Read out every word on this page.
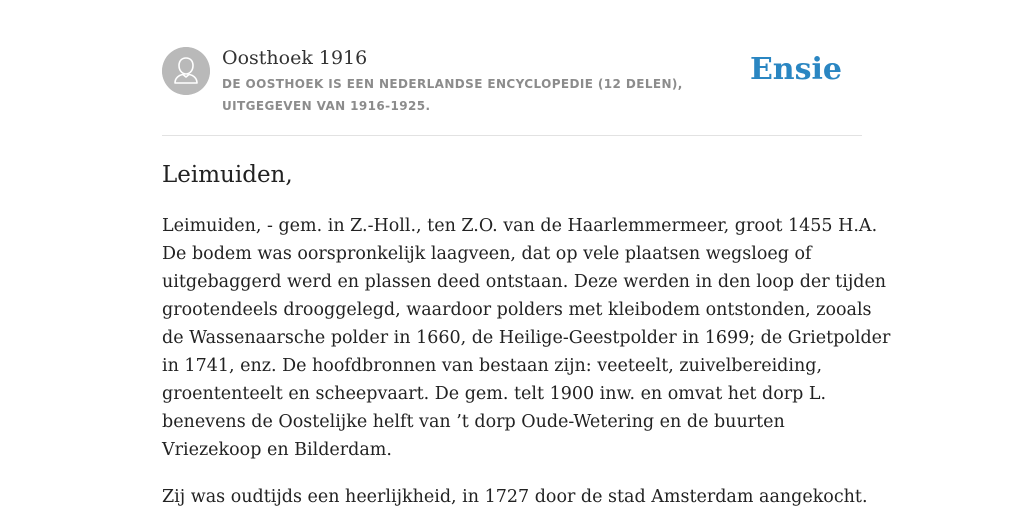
Oosthoek 1916
DE OOSTHOEK IS EEN NEDERLANDSE ENCYCLOPEDIE (12 DELEN), UITGEGEVEN VAN 1916-1925.
Ensie
Leimuiden,

Leimuiden, - gem. in Z.-Holl., ten Z.O. van de Haarlemmermeer, groot 1455 H.A.
De bodem was oorspronkelijk laagveen, dat op vele plaatsen wegsloeg of
uitgebaggerd werd en plassen deed ontstaan. Deze werden in den loop der tijden
grootendeels drooggelegd, waardoor polders met kleibodem ontstonden, zooals
de Wassenaarsche polder in 1660, de Heilige-Geestpolder in 1699; de Grietpolder
in 1741, enz. De hoofdbronnen van bestaan zijn: veeteelt, zuivelbereiding,
groententeelt en scheepvaart. De gem. telt 1900 inw. en omvat het dorp L.
benevens de Oostelijke helft van ’t dorp Oude-Wetering en de buurten
Vriezekoop en Bilderdam.

Zij was oudtijds een heerlijkheid, in 1727 door de stad Amsterdam aangekocht.
